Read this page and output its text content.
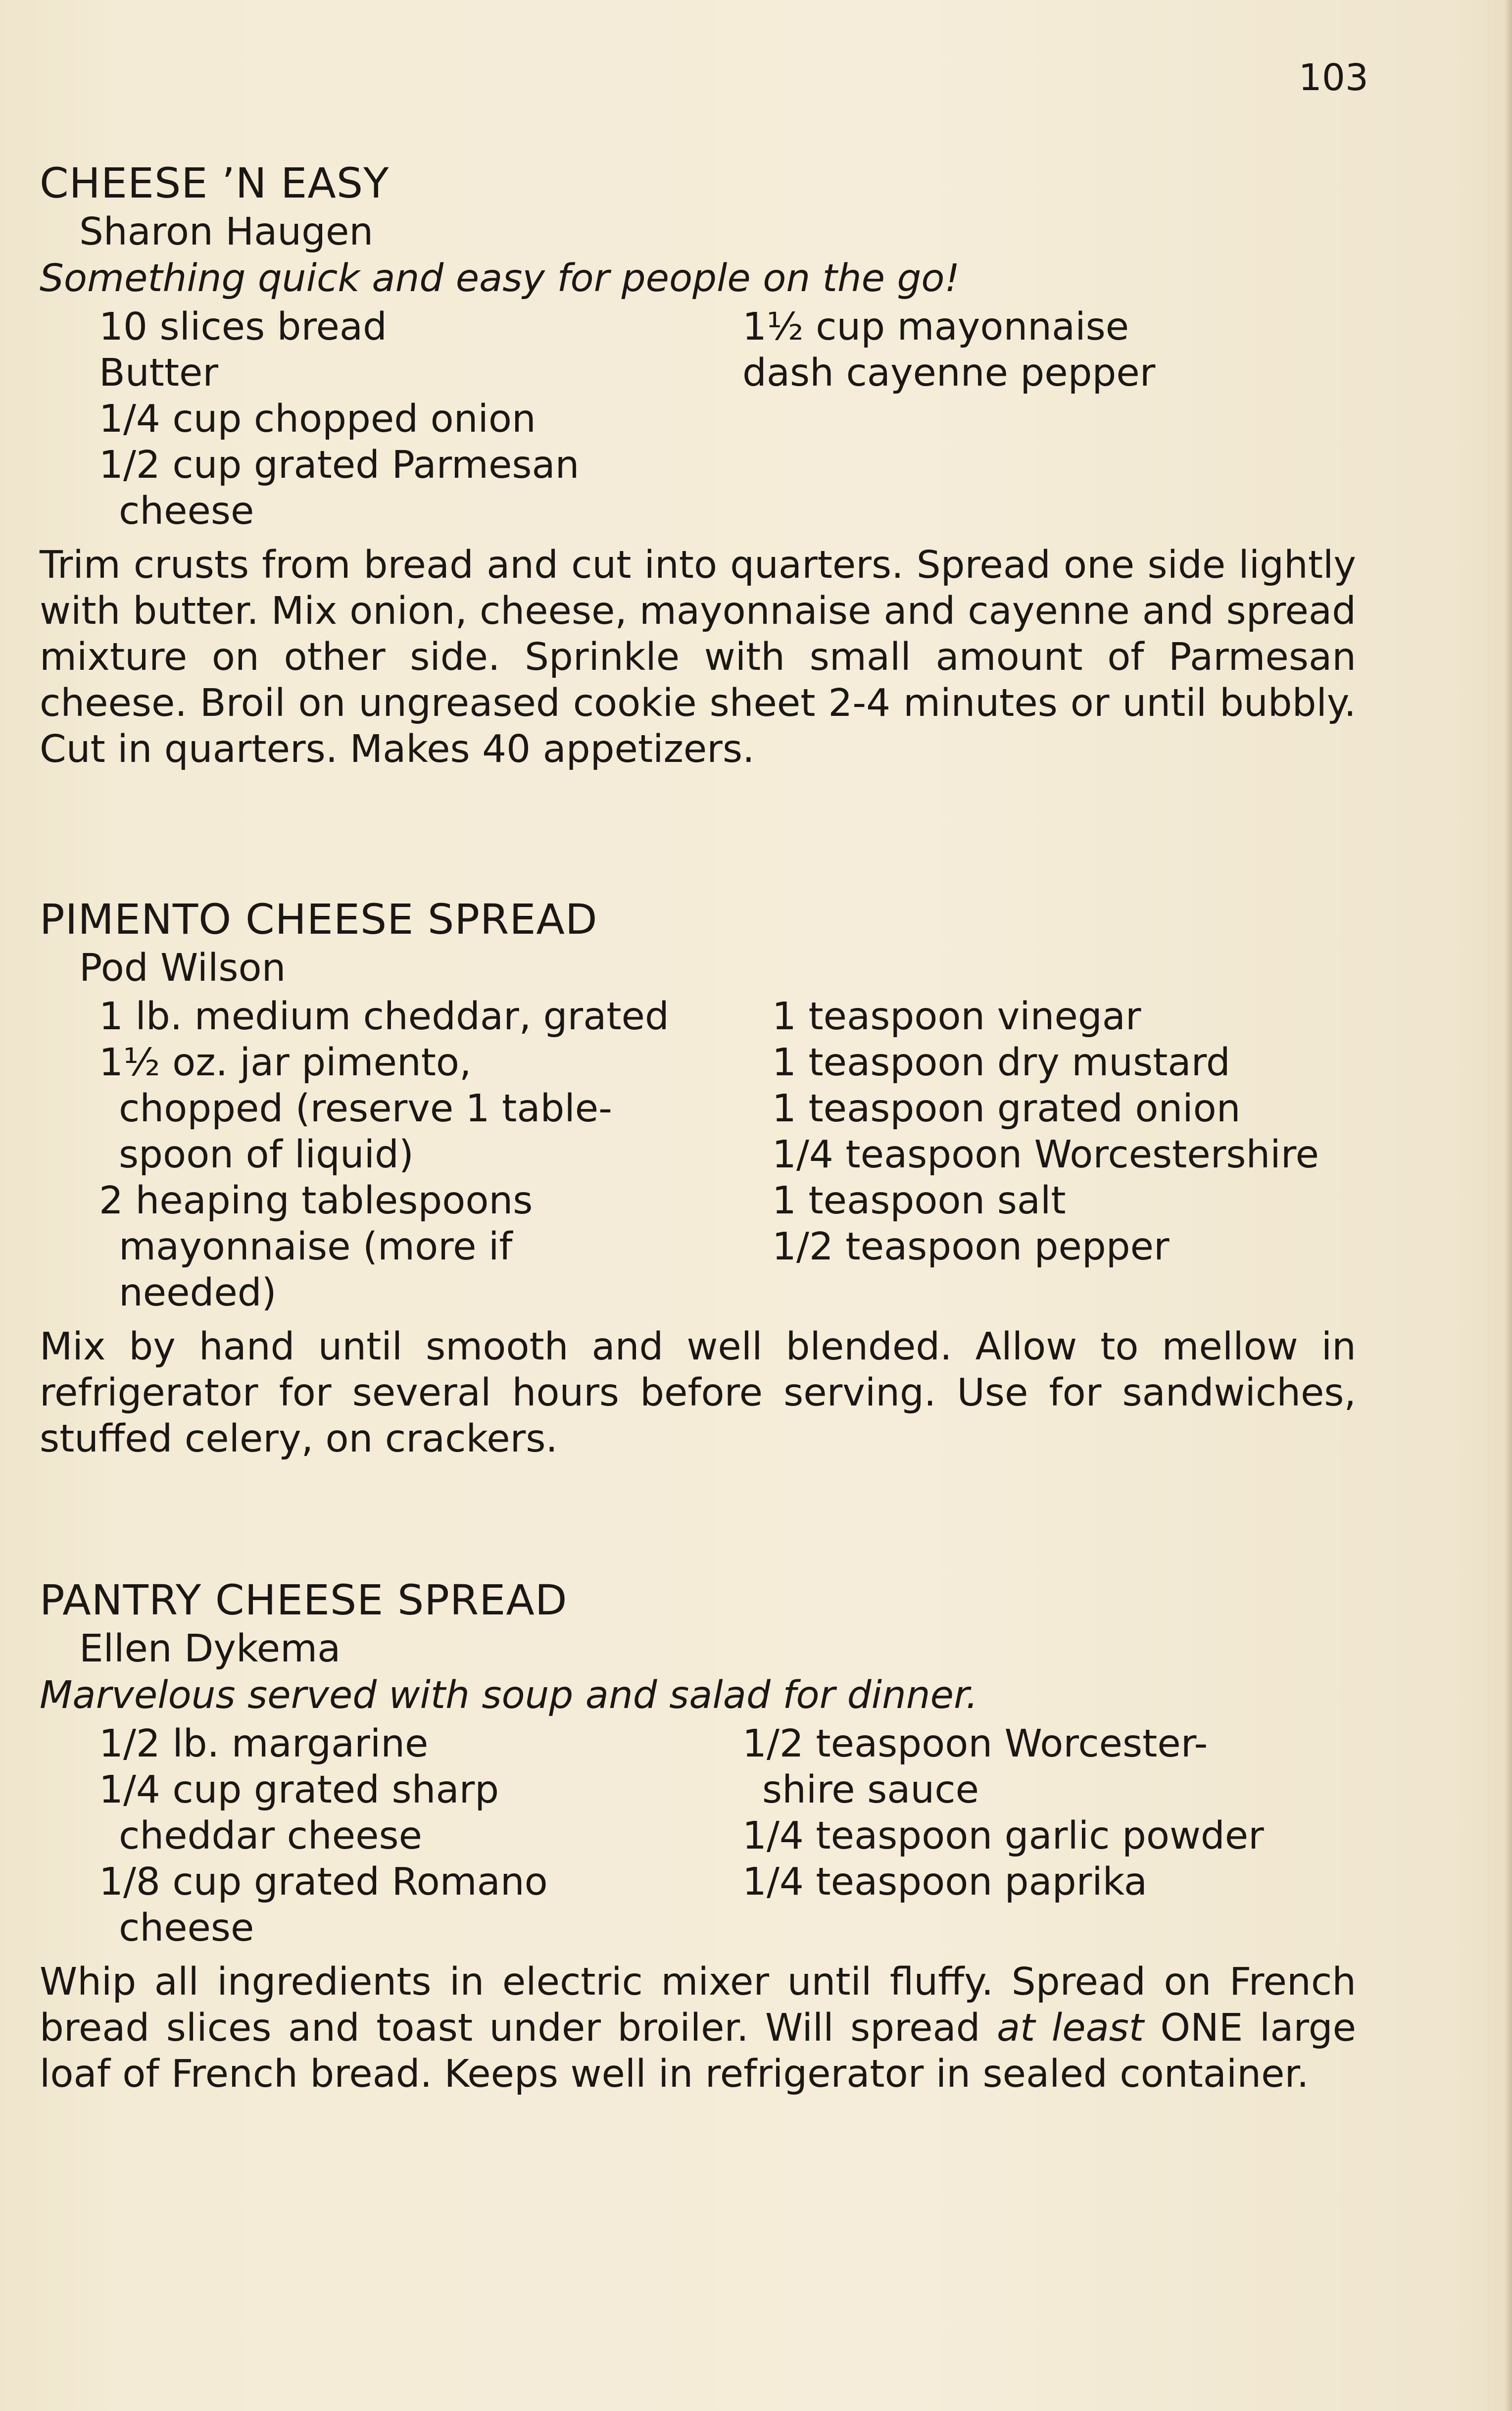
103
CHEESE ’N EASY
Sharon Haugen
Something quick and easy for people on the go!
10 slices bread
Butter
1/4 cup chopped onion
1/2 cup grated Parmesan cheese
1½ cup mayonnaise
dash cayenne pepper

Trim crusts from bread and cut into quarters. Spread one side lightly with butter. Mix onion, cheese, mayonnaise and cayenne and spread mixture on other side. Sprinkle with small amount of Parmesan cheese. Broil on ungreased cookie sheet 2-4 minutes or until bubbly. Cut in quarters. Makes 40 appetizers.

PIMENTO CHEESE SPREAD
Pod Wilson
1 lb. medium cheddar, grated
1½ oz. jar pimento, chopped (reserve 1 table-spoon of liquid)
2 heaping tablespoons mayonnaise (more if needed)
1 teaspoon vinegar
1 teaspoon dry mustard
1 teaspoon grated onion
1/4 teaspoon Worcestershire
1 teaspoon salt
1/2 teaspoon pepper

Mix by hand until smooth and well blended. Allow to mellow in refrigerator for several hours before serving. Use for sandwiches, stuffed celery, on crackers.

PANTRY CHEESE SPREAD
Ellen Dykema
Marvelous served with soup and salad for dinner.
1/2 lb. margarine
1/4 cup grated sharp cheddar cheese
1/8 cup grated Romano cheese
1/2 teaspoon Worcester-shire sauce
1/4 teaspoon garlic powder
1/4 teaspoon paprika

Whip all ingredients in electric mixer until fluffy. Spread on French bread slices and toast under broiler. Will spread at least ONE large loaf of French bread. Keeps well in refrigerator in sealed container.
